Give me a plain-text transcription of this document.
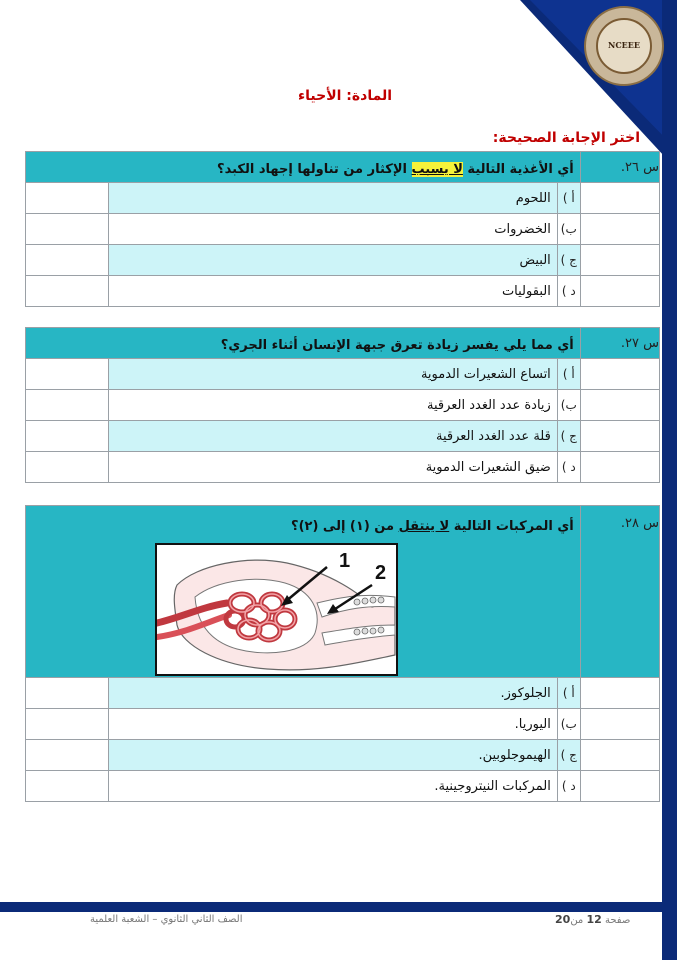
NCEEE
المادة: الأحياء
اختر الإجابة الصحيحة:
س ٢٦.	أي الأغذية التالية لا يسبب الإكثار من تناولها إجهاد الكبد؟		
	أ )	اللحوم	
	ب)	الخضروات	
	ج )	البيض	
	د )	البقوليات	
س ٢٧.	أي مما يلي يفسر زيادة تعرق جبهة الإنسان أثناء الجري؟		
	أ )	اتساع الشعيرات الدموية	
	ب)	زيادة عدد الغدد العرقية	
	ج )	قلة عدد الغدد العرقية	
	د )	ضيق الشعيرات الدموية	
س ٢٨.	أي المركبات التالية لا ينتقل من (١) إلى (٢)؟		
	أ )	الجلوكوز.	
	ب)	اليوريا.	
	ج )	الهيموجلوبين.	
	د )	المركبات النيتروجينية.	
1
2
الصف الثاني الثانوي – الشعبة العلمية	صفحة 12 من20
